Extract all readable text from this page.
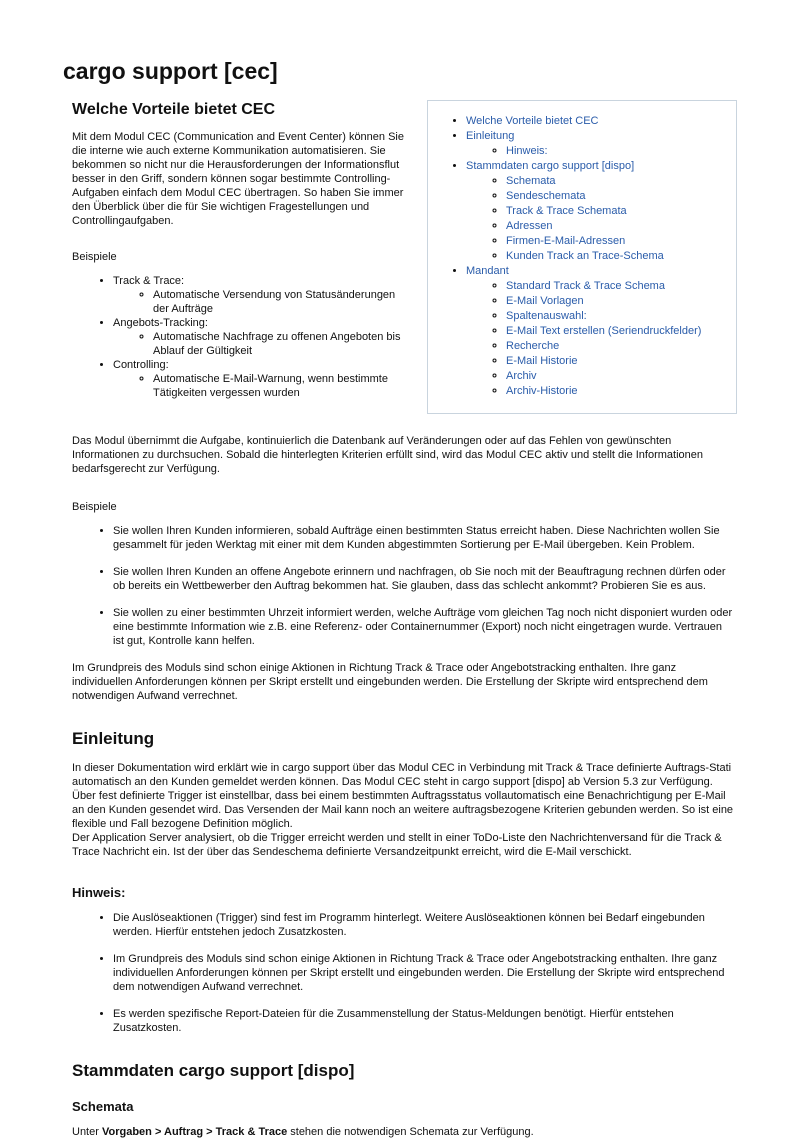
cargo support [cec]
Welche Vorteile bietet CEC

Mit dem Modul CEC (Communication and Event Center) können Sie die interne wie auch externe Kommunikation automatisieren. Sie bekommen so nicht nur die Herausforderungen der Informationsflut besser in den Griff, sondern können sogar bestimmte Controlling-Aufgaben einfach dem Modul CEC übertragen. So haben Sie immer den Überblick über die für Sie wichtigen Fragestellungen und Controllingaufgaben.

Beispiele

• Track & Trace:
◦ Automatische Versendung von Statusänderungen der Aufträge
• Angebots-Tracking:
◦ Automatische Nachfrage zu offenen Angeboten bis Ablauf der Gültigkeit
• Controlling:
◦ Automatische E-Mail-Warnung, wenn bestimmte Tätigkeiten vergessen wurden
• Welche Vorteile bietet CEC
• Einleitung
◦ Hinweis:
• Stammdaten cargo support [dispo]
◦ Schemata
◦ Sendeschemata
◦ Track & Trace Schemata
◦ Adressen
◦ Firmen-E-Mail-Adressen
◦ Kunden Track an Trace-Schema
• Mandant
◦ Standard Track & Trace Schema
◦ E-Mail Vorlagen
◦ Spaltenauswahl:
◦ E-Mail Text erstellen (Seriendruckfelder)
◦ Recherche
◦ E-Mail Historie
◦ Archiv
◦ Archiv-Historie

Das Modul übernimmt die Aufgabe, kontinuierlich die Datenbank auf Veränderungen oder auf das Fehlen von gewünschten Informationen zu durchsuchen. Sobald die hinterlegten Kriterien erfüllt sind, wird das Modul CEC aktiv und stellt die Informationen bedarfsgerecht zur Verfügung.

Beispiele

• Sie wollen Ihren Kunden informieren, sobald Aufträge einen bestimmten Status erreicht haben. Diese Nachrichten wollen Sie gesammelt für jeden Werktag mit einer mit dem Kunden abgestimmten Sortierung per E-Mail übergeben. Kein Problem.
• Sie wollen Ihren Kunden an offene Angebote erinnern und nachfragen, ob Sie noch mit der Beauftragung rechnen dürfen oder ob bereits ein Wettbewerber den Auftrag bekommen hat. Sie glauben, dass das schlecht ankommt? Probieren Sie es aus.
• Sie wollen zu einer bestimmten Uhrzeit informiert werden, welche Aufträge vom gleichen Tag noch nicht disponiert wurden oder eine bestimmte Information wie z.B. eine Referenz- oder Containernummer (Export) noch nicht eingetragen wurde. Vertrauen ist gut, Kontrolle kann helfen.

Im Grundpreis des Moduls sind schon einige Aktionen in Richtung Track & Trace oder Angebotstracking enthalten. Ihre ganz individuellen Anforderungen können per Skript erstellt und eingebunden werden. Die Erstellung der Skripte wird entsprechend dem notwendigen Aufwand verrechnet.

Einleitung
In dieser Dokumentation wird erklärt wie in cargo support über das Modul CEC in Verbindung mit Track & Trace definierte Auftrags-Stati automatisch an den Kunden gemeldet werden können. Das Modul CEC steht in cargo support [dispo] ab Version 5.3 zur Verfügung.
Über fest definierte Trigger ist einstellbar, dass bei einem bestimmten Auftragsstatus vollautomatisch eine Benachrichtigung per E-Mail an den Kunden gesendet wird. Das Versenden der Mail kann noch an weitere auftragsbezogene Kriterien gebunden werden. So ist eine flexible und Fall bezogene Definition möglich.
Der Application Server analysiert, ob die Trigger erreicht werden und stellt in einer ToDo-Liste den Nachrichtenversand für die Track & Trace Nachricht ein. Ist der über das Sendeschema definierte Versandzeitpunkt erreicht, wird die E-Mail verschickt.
Hinweis:
• Die Auslöseaktionen (Trigger) sind fest im Programm hinterlegt. Weitere Auslöseaktionen können bei Bedarf eingebunden werden. Hierfür entstehen jedoch Zusatzkosten.
• Im Grundpreis des Moduls sind schon einige Aktionen in Richtung Track & Trace oder Angebotstracking enthalten. Ihre ganz individuellen Anforderungen können per Skript erstellt und eingebunden werden. Die Erstellung der Skripte wird entsprechend dem notwendigen Aufwand verrechnet.
• Es werden spezifische Report-Dateien für die Zusammenstellung der Status-Meldungen benötigt. Hierfür entstehen Zusatzkosten.
Stammdaten cargo support [dispo]
Schemata

Unter Vorgaben > Auftrag > Track & Trace stehen die notwendigen Schemata zur Verfügung.
